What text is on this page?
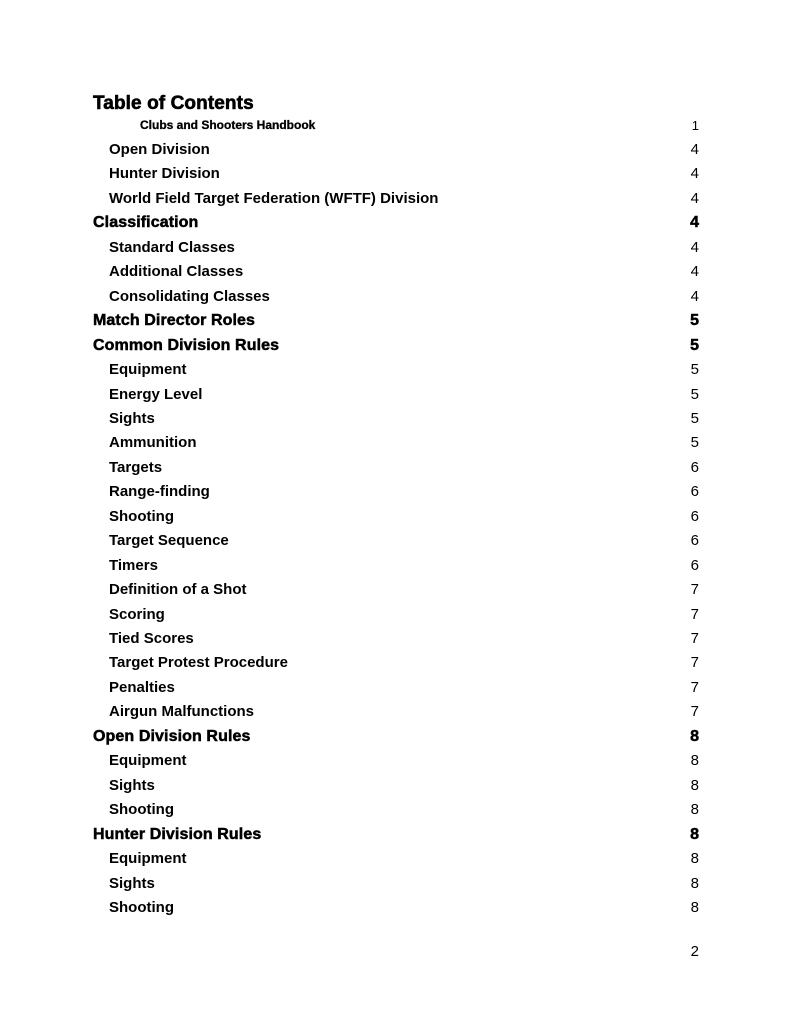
Table of Contents
Clubs and Shooters Handbook	1
Open Division	4
Hunter Division	4
World Field Target Federation (WFTF) Division	4
Classification	4
Standard Classes	4
Additional Classes	4
Consolidating Classes	4
Match Director Roles	5
Common Division Rules	5
Equipment	5
Energy Level	5
Sights	5
Ammunition	5
Targets	6
Range-finding	6
Shooting	6
Target Sequence	6
Timers	6
Definition of a Shot	7
Scoring	7
Tied Scores	7
Target Protest Procedure	7
Penalties	7
Airgun Malfunctions	7
Open Division Rules	8
Equipment	8
Sights	8
Shooting	8
Hunter Division Rules	8
Equipment	8
Sights	8
Shooting	8
2
